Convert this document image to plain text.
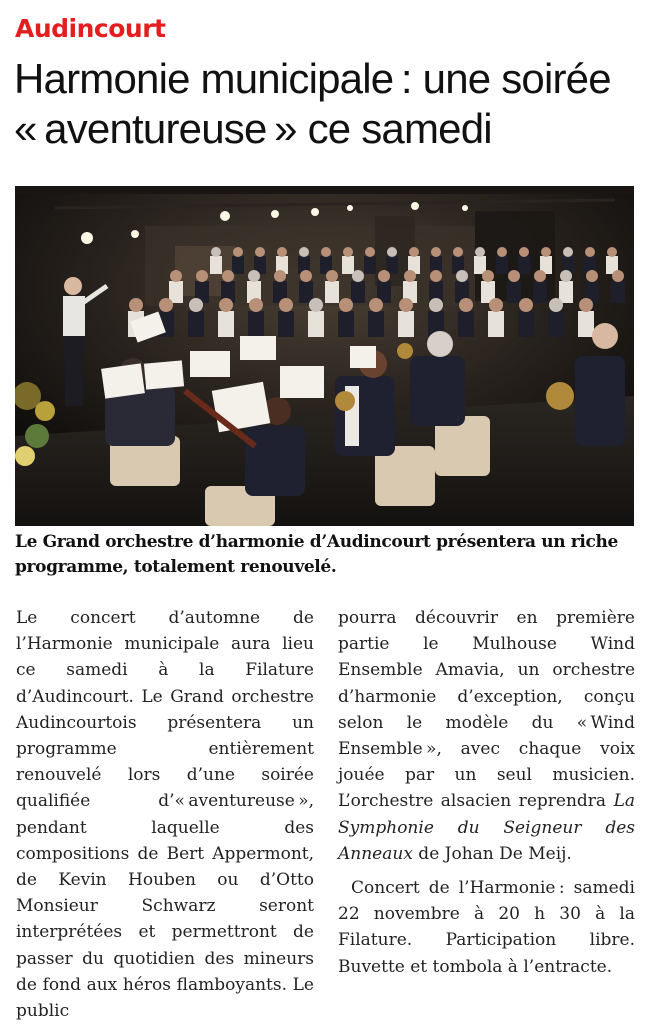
Audincourt
Harmonie municipale : une soirée « aventureuse » ce samedi

Le Grand orchestre d’harmonie d’Audincourt présentera un riche programme, totalement renouvelé.

Le concert d’automne de l’Harmonie municipale aura lieu ce samedi à la Filature d’Audincourt. Le Grand orchestre Audincourtois présentera un programme entièrement renouvelé lors d’une soirée qualifiée d’« aventureuse », pendant laquelle des compositions de Bert Appermont, de Kevin Houben ou d’Otto Monsieur Schwarz seront interprétées et permettront de passer du quotidien des mineurs de fond aux héros flamboyants. Le public

pourra découvrir en première partie le Mulhouse Wind Ensemble Amavia, un orchestre d’harmonie d’exception, conçu selon le modèle du « Wind Ensemble », avec chaque voix jouée par un seul musicien. L’orchestre alsacien reprendra La Symphonie du Seigneur des Anneaux de Johan De Meij.

Concert de l’Harmonie : samedi 22 novembre à 20 h 30 à la Filature. Participation libre. Buvette et tombola à l’entracte.
